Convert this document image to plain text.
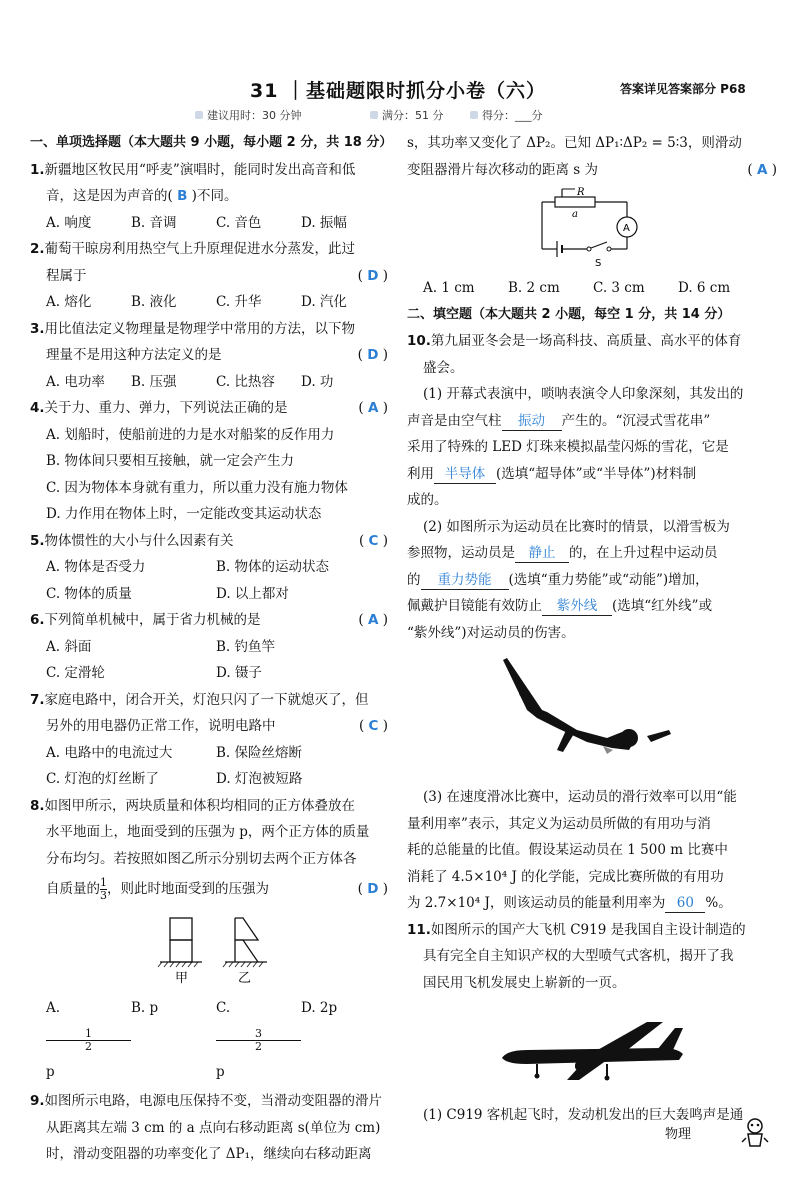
31 ｜基础题限时抓分小卷（六）	答案详见答案部分 P68
建议用时：30 分钟	满分：51 分	得分：___分
一、单项选择题（本大题共 9 小题，每小题 2 分，共 18 分）
1.新疆地区牧民用“呼麦”演唱时，能同时发出高音和低
音，这是因为声音的( B )不同。
A. 响度	B. 音调	C. 音色	D. 振幅
2.葡萄干晾房利用热空气上升原理促进水分蒸发，此过
程属于	( D )
A. 熔化	B. 液化	C. 升华	D. 汽化
3.用比值法定义物理量是物理学中常用的方法，以下物
理量不是用这种方法定义的是	( D )
A. 电功率	B. 压强	C. 比热容	D. 功
4.关于力、重力、弹力，下列说法正确的是	( A )
A. 划船时，使船前进的力是水对船桨的反作用力
B. 物体间只要相互接触，就一定会产生力
C. 因为物体本身就有重力，所以重力没有施力物体
D. 力作用在物体上时，一定能改变其运动状态
5.物体惯性的大小与什么因素有关	( C )
A. 物体是否受力	B. 物体的运动状态
C. 物体的质量	D. 以上都对
6.下列简单机械中，属于省力机械的是	( A )
A. 斜面	B. 钓鱼竿
C. 定滑轮	D. 镊子
7.家庭电路中，闭合开关，灯泡只闪了一下就熄灭了，但
另外的用电器仍正常工作，说明电路中	( C )
A. 电路中的电流过大	B. 保险丝熔断
C. 灯泡的灯丝断了	D. 灯泡被短路
8.如图甲所示，两块质量和体积均相同的正方体叠放在
水平地面上，地面受到的压强为 p，两个正方体的质量
分布均匀。若按照如图乙所示分别切去两个正方体各
自质量的 $\frac{1}{3}$ ，则此时地面受到的压强为	( D )
甲	乙
A.
$\frac{1}{2}$
p
B. p	C.
$\frac{3}{2}$
p
D. 2p
9.如图所示电路，电源电压保持不变，当滑动变阻器的滑片
从距离其左端 3 cm 的 a 点向右移动距离 s(单位为 cm)
时，滑动变阻器的功率变化了 ΔP₁，继续向右移动距离
s，其功率又变化了 ΔP₂。已知 ΔP₁∶ΔP₂ = 5∶3，则滑动
变阻器滑片每次移动的距离 s 为	( A )
R
a
A
S
A. 1 cm	B. 2 cm	C. 3 cm	D. 6 cm
二、填空题（本大题共 2 小题，每空 1 分，共 14 分）
10.第九届亚冬会是一场高科技、高质量、高水平的体育
盛会。
(1) 开幕式表演中，唢呐表演令人印象深刻，其发出的
声音是由空气柱 振动 产生的。“沉浸式雪花串”
采用了特殊的 LED 灯珠来模拟晶莹闪烁的雪花，它是
利用 半导体 (选填“超导体”或“半导体”)材料制
成的。
(2) 如图所示为运动员在比赛时的情景，以滑雪板为
参照物，运动员是 静止 的，在上升过程中运动员
的 重力势能 (选填“重力势能”或“动能”)增加，
佩戴护目镜能有效防止 紫外线 (选填“红外线”或
“紫外线”)对运动员的伤害。
(3) 在速度滑冰比赛中，运动员的滑行效率可以用“能
量利用率”表示，其定义为运动员所做的有用功与消
耗的总能量的比值。假设某运动员在 1 500 m 比赛中
消耗了 4.5×10⁴ J 的化学能，完成比赛所做的有用功
为 2.7×10⁴ J，则该运动员的能量利用率为 60 %。
11.如图所示的国产大飞机 C919 是我国自主设计制造的
具有完全自主知识产权的大型喷气式客机，揭开了我
国民用飞机发展史上崭新的一页。
(1) C919 客机起飞时，发动机发出的巨大轰鸣声是通
物理
